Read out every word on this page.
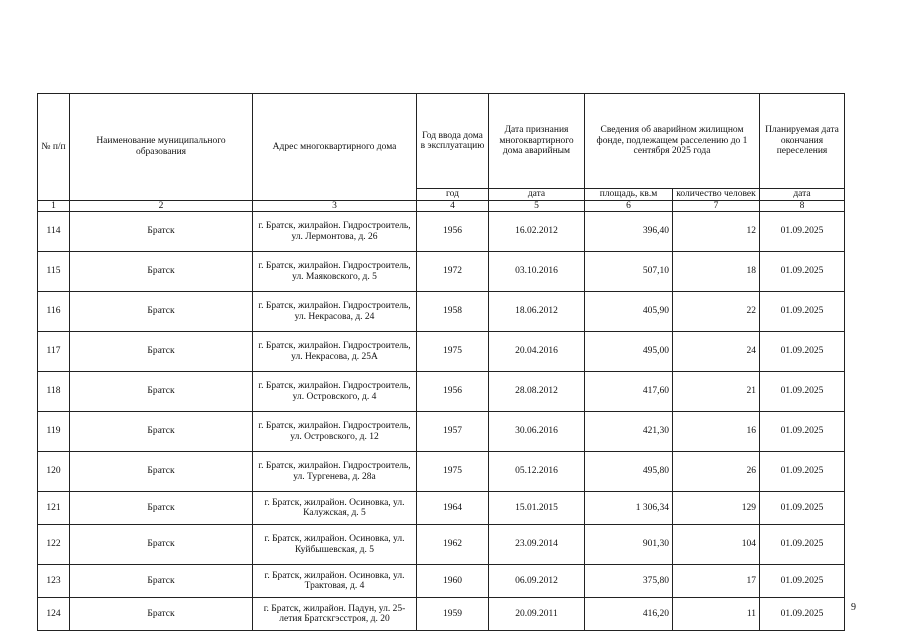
№ п/п	Наименование муниципального образования	Адрес многоквартирного дома	Год ввода дома в эксплуатацию	Дата признания многоквартирного дома аварийным	Сведения об аварийном жилищном фонде, подлежащем расселению до 1 сентября 2025 года		Планируемая дата окончания переселения
			год	дата	площадь, кв.м	количество человек	дата
1	2	3	4	5	6	7	8
114	Братск	г. Братск, жилрайон. Гидростроитель, ул. Лермонтова, д. 26	1956	16.02.2012	396,40	12	01.09.2025
115	Братск	г. Братск, жилрайон. Гидростроитель, ул. Маяковского, д. 5	1972	03.10.2016	507,10	18	01.09.2025
116	Братск	г. Братск, жилрайон. Гидростроитель, ул. Некрасова, д. 24	1958	18.06.2012	405,90	22	01.09.2025
117	Братск	г. Братск, жилрайон. Гидростроитель, ул. Некрасова, д. 25А	1975	20.04.2016	495,00	24	01.09.2025
118	Братск	г. Братск, жилрайон. Гидростроитель, ул. Островского, д. 4	1956	28.08.2012	417,60	21	01.09.2025
119	Братск	г. Братск, жилрайон. Гидростроитель, ул. Островского, д. 12	1957	30.06.2016	421,30	16	01.09.2025
120	Братск	г. Братск, жилрайон. Гидростроитель, ул. Тургенева, д. 28а	1975	05.12.2016	495,80	26	01.09.2025
121	Братск	г. Братск, жилрайон. Осиновка, ул. Калужская, д. 5	1964	15.01.2015	1 306,34	129	01.09.2025
122	Братск	г. Братск, жилрайон. Осиновка, ул. Куйбышевская, д. 5	1962	23.09.2014	901,30	104	01.09.2025
123	Братск	г. Братск, жилрайон. Осиновка, ул. Трактовая, д. 4	1960	06.09.2012	375,80	17	01.09.2025
124	Братск	г. Братск, жилрайон. Падун, ул. 25-летия Братскгэсстроя, д. 20	1959	20.09.2011	416,20	11	01.09.2025
9
